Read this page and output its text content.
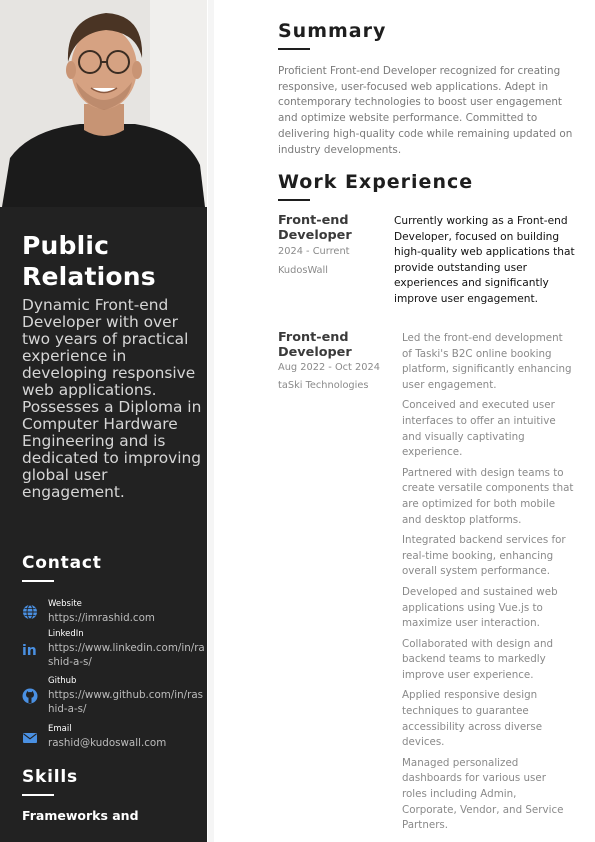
Public Relations
Dynamic Front-end Developer with over two years of practical experience in developing responsive web applications. Possesses a Diploma in Computer Hardware Engineering and is dedicated to improving global user engagement.
Contact
Website
https://imrashid.com
in
LinkedIn
https://www.linkedin.com/in/rashid-a-s/
Github
https://www.github.com/in/rashid-a-s/
Email
rashid@kudoswall.com
Skills
Frameworks and
Summary
Proficient Front-end Developer recognized for creating responsive, user-focused web applications. Adept in contemporary technologies to boost user engagement and optimize website performance. Committed to delivering high-quality code while remaining updated on industry developments.
Work Experience
Front-end Developer
2024 - Current
KudosWall
Currently working as a Front-end Developer, focused on building high-quality web applications that provide outstanding user experiences and significantly improve user engagement.
Front-end Developer
Aug 2022 - Oct 2024
taSki Technologies
Led the front-end development of Taski's B2C online booking platform, significantly enhancing user engagement.
Conceived and executed user interfaces to offer an intuitive and visually captivating experience.
Partnered with design teams to create versatile components that are optimized for both mobile and desktop platforms.
Integrated backend services for real-time booking, enhancing overall system performance.
Developed and sustained web applications using Vue.js to maximize user interaction.
Collaborated with design and backend teams to markedly improve user experience.
Applied responsive design techniques to guarantee accessibility across diverse devices.
Managed personalized dashboards for various user roles including Admin, Corporate, Vendor, and Service Partners.
